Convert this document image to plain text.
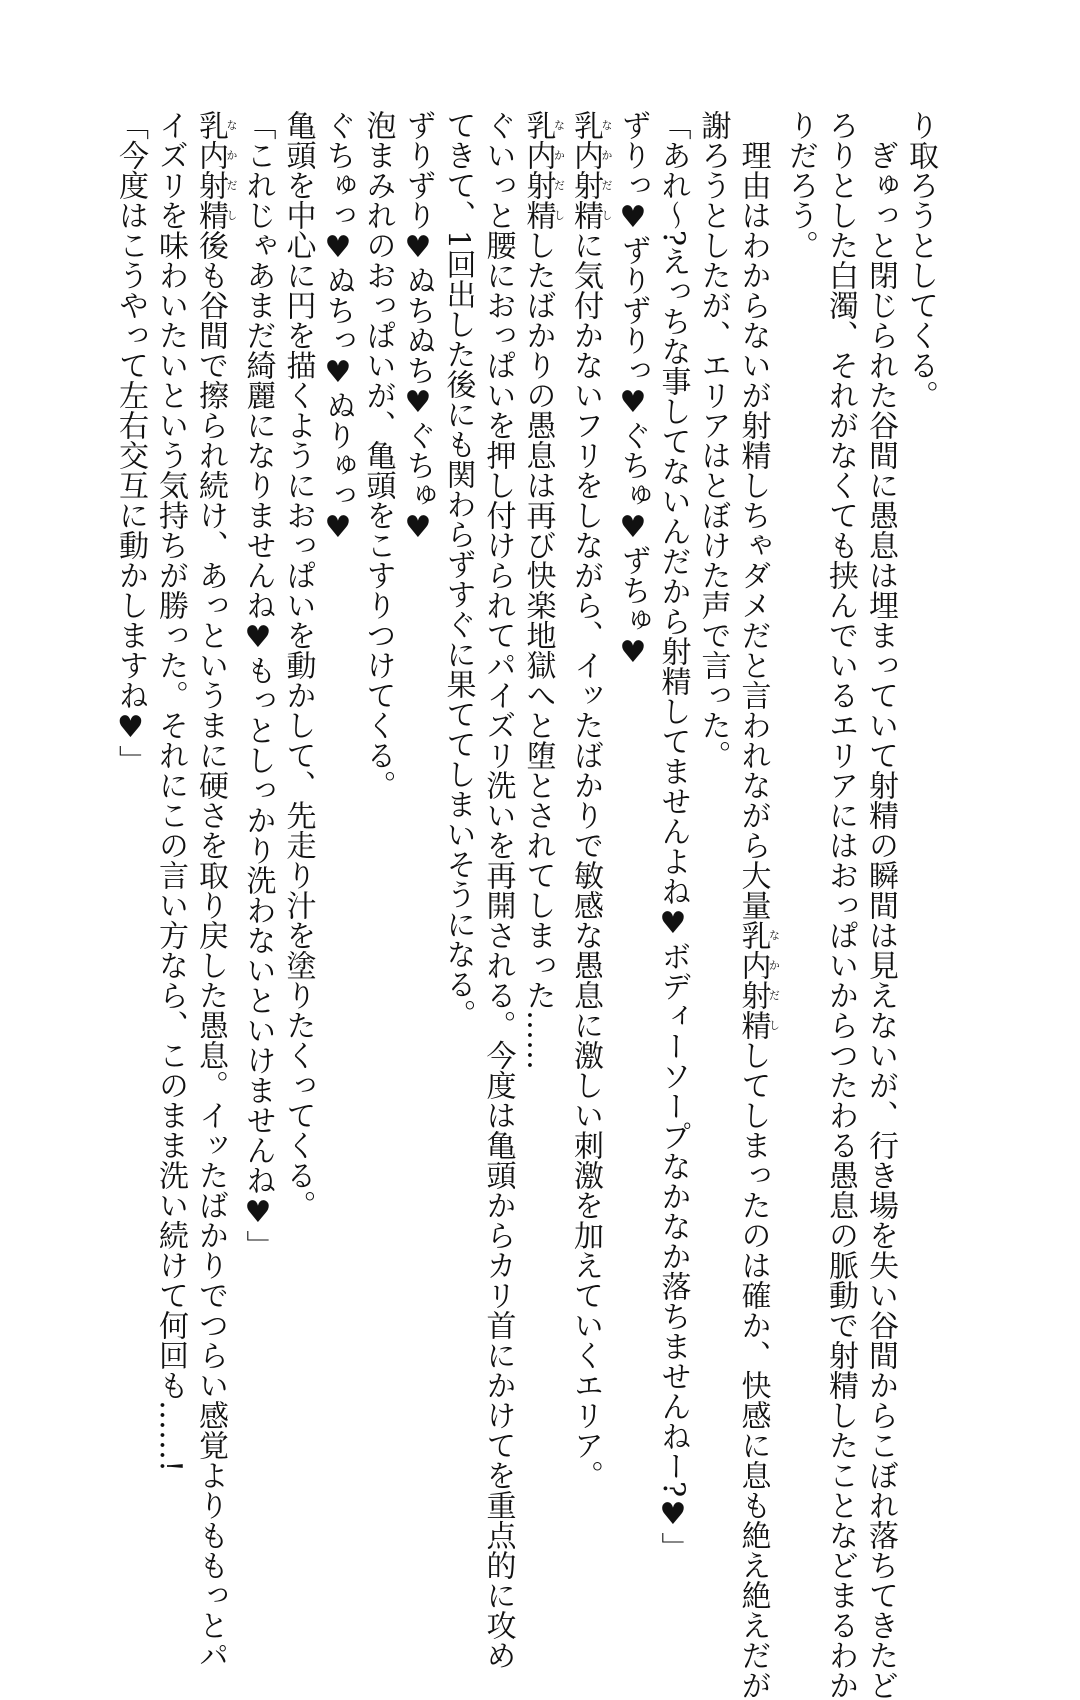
り取ろうとしてくる。
　ぎゅっと閉じられた谷間に愚息は埋まっていて射精の瞬間は見えないが、行き場を失い谷間からこぼれ落ちてきたど
ろりとした白濁、それがなくても挟んでいるエリアにはおっぱいからつたわる愚息の脈動で射精したことなどまるわか
りだろう。
　理由はわからないが射精しちゃダメだと言われながら大量乳内射精なかだししてしまったのは確か、快感に息も絶え絶えだが
謝ろうとしたが、エリアはとぼけた声で言った。
「あれ～?えっちな事してないんだから射精してませんよね♥ボディーソープなかなか落ちませんねー?♥」
ずりっ♥ずりずりっ♥ぐちゅ♥ずちゅ♥
乳内射精なかだしに気付かないフリをしながら、イッたばかりで敏感な愚息に激しい刺激を加えていくエリア。
乳内射精なかだししたばかりの愚息は再び快楽地獄へと堕とされてしまった……
ぐいっと腰におっぱいを押し付けられてパイズリ洗いを再開される。今度は亀頭からカリ首にかけてを重点的に攻め
てきて、1回出した後にも関わらずすぐに果ててしまいそうになる。
ずりずり♥ぬちぬち♥ぐちゅ♥
泡まみれのおっぱいが、亀頭をこすりつけてくる。
ぐちゅっ♥ぬちっ♥ぬりゅっ♥
亀頭を中心に円を描くようにおっぱいを動かして、先走り汁を塗りたくってくる。
「これじゃあまだ綺麗になりませんね♥もっとしっかり洗わないといけませんね♥」
乳内射精なかだし後も谷間で擦られ続け、あっというまに硬さを取り戻した愚息。イッたばかりでつらい感覚よりももっとパ
イズリを味わいたいという気持ちが勝った。それにこの言い方なら、このまま洗い続けて何回も……!
「今度はこうやって左右交互に動かしますね♥」
